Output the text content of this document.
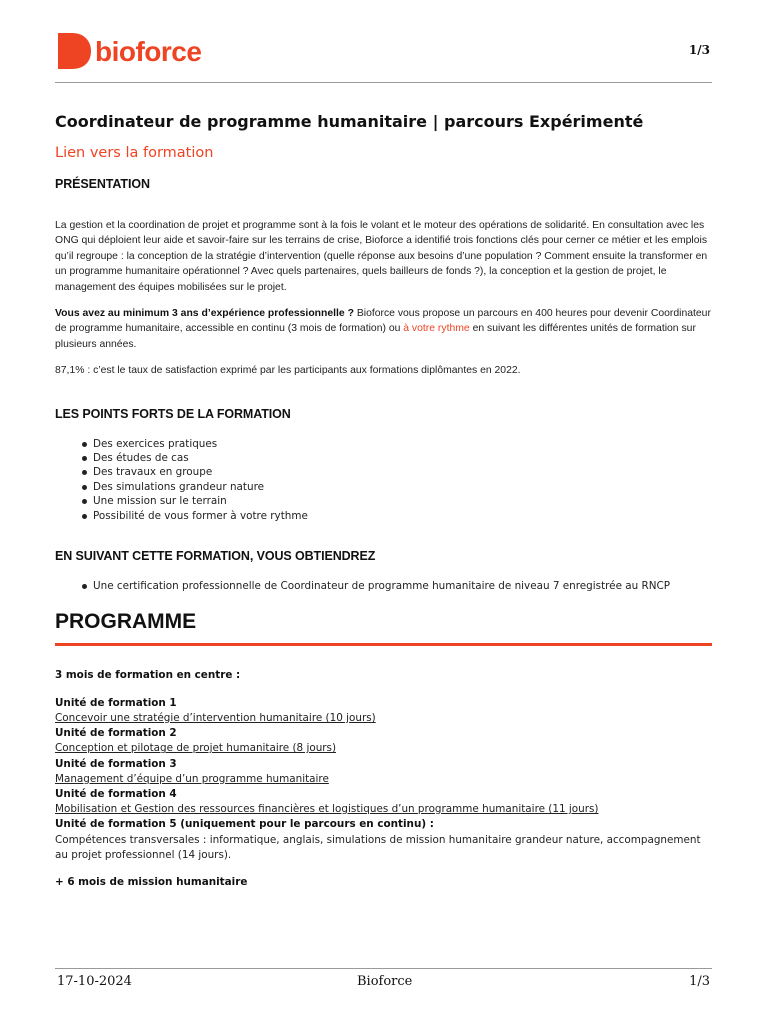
bioforce	1/3
Coordinateur de programme humanitaire | parcours Expérimenté
Lien vers la formation
PRÉSENTATION

La gestion et la coordination de projet et programme sont à la fois le volant et le moteur des opérations de solidarité. En consultation avec les ONG qui déploient leur aide et savoir-faire sur les terrains de crise, Bioforce a identifié trois fonctions clés pour cerner ce métier et les emplois qu’il regroupe : la conception de la stratégie d’intervention (quelle réponse aux besoins d’une population ? Comment ensuite la transformer en un programme humanitaire opérationnel ? Avec quels partenaires, quels bailleurs de fonds ?), la conception et la gestion de projet, le management des équipes mobilisées sur le projet.

Vous avez au minimum 3 ans d’expérience professionnelle ? Bioforce vous propose un parcours en 400 heures pour devenir Coordinateur de programme humanitaire, accessible en continu (3 mois de formation) ou à votre rythme en suivant les différentes unités de formation sur plusieurs années.

87,1% : c’est le taux de satisfaction exprimé par les participants aux formations diplômantes en 2022.

LES POINTS FORTS DE LA FORMATION
Des exercices pratiques
Des études de cas
Des travaux en groupe
Des simulations grandeur nature
Une mission sur le terrain
Possibilité de vous former à votre rythme
EN SUIVANT CETTE FORMATION, VOUS OBTIENDREZ
Une certification professionnelle de Coordinateur de programme humanitaire de niveau 7 enregistrée au RNCP
PROGRAMME
3 mois de formation en centre :
Unité de formation 1
Concevoir une stratégie d’intervention humanitaire (10 jours)
Unité de formation 2
Conception et pilotage de projet humanitaire (8 jours)
Unité de formation 3
Management d’équipe d’un programme humanitaire
Unité de formation 4
Mobilisation et Gestion des ressources financières et logistiques d’un programme humanitaire (11 jours)
Unité de formation 5 (uniquement pour le parcours en continu) :
Compétences transversales : informatique, anglais, simulations de mission humanitaire grandeur nature, accompagnement au projet professionnel (14 jours).
+ 6 mois de mission humanitaire
17-10-2024	Bioforce	1/3
